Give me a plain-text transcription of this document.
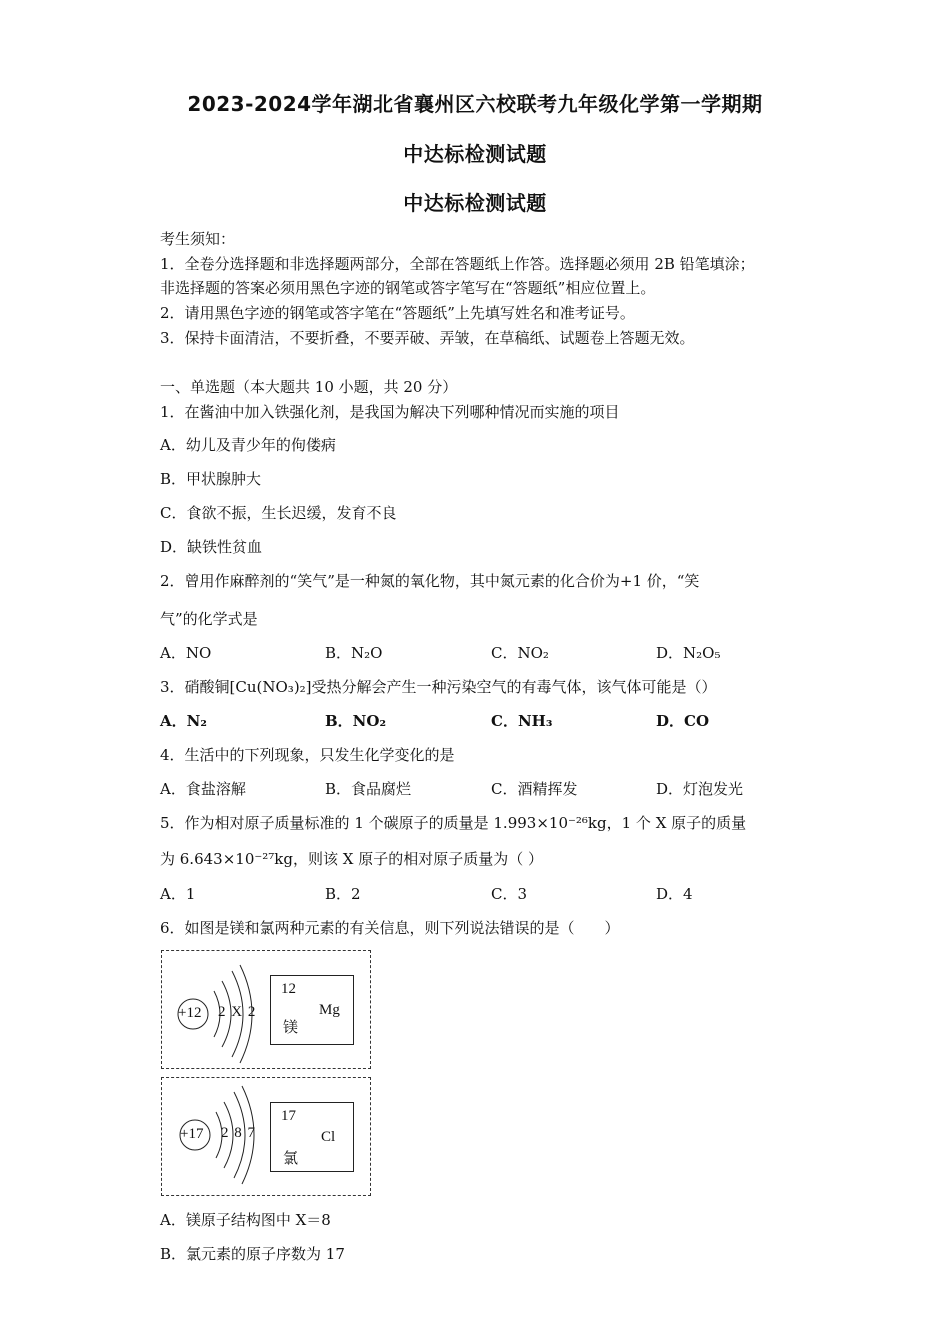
2023-2024学年湖北省襄州区六校联考九年级化学第一学期期
中达标检测试题
中达标检测试题
考生须知：
1．全卷分选择题和非选择题两部分，全部在答题纸上作答。选择题必须用 2B 铅笔填涂；
非选择题的答案必须用黑色字迹的钢笔或答字笔写在“答题纸”相应位置上。
2．请用黑色字迹的钢笔或答字笔在“答题纸”上先填写姓名和准考证号。
3．保持卡面清洁，不要折叠，不要弄破、弄皱，在草稿纸、试题卷上答题无效。
一、单选题（本大题共 10 小题，共 20 分）
1．在酱油中加入铁强化剂，是我国为解决下列哪种情况而实施的项目
A．幼儿及青少年的佝偻病
B．甲状腺肿大
C．食欲不振，生长迟缓，发育不良
D．缺铁性贫血
2．曾用作麻醉剂的“笑气”是一种氮的氧化物，其中氮元素的化合价为+1 价，“笑
气”的化学式是
A．NO	B．N₂O	C．NO₂	D．N₂O₅
3．硝酸铜[Cu(NO₃)₂]受热分解会产生一种污染空气的有毒气体，该气体可能是（）
A．N₂	B．NO₂	C．NH₃	D．CO
4．生活中的下列现象，只发生化学变化的是
A．食盐溶解	B．食品腐烂	C．酒精挥发	D．灯泡发光
5．作为相对原子质量标准的 1 个碳原子的质量是 1.993×10⁻²⁶kg，1 个 X 原子的质量
为 6.643×10⁻²⁷kg，则该 X 原子的相对原子质量为（ ）
A．1	B．2	C．3	D．4
6．如图是镁和氯两种元素的有关信息，则下列说法错误的是（　　）
+12 2 X 2
12
Mg
镁
+17 2 8 7
17
Cl
氯
A．镁原子结构图中 X＝8
B．氯元素的原子序数为 17
